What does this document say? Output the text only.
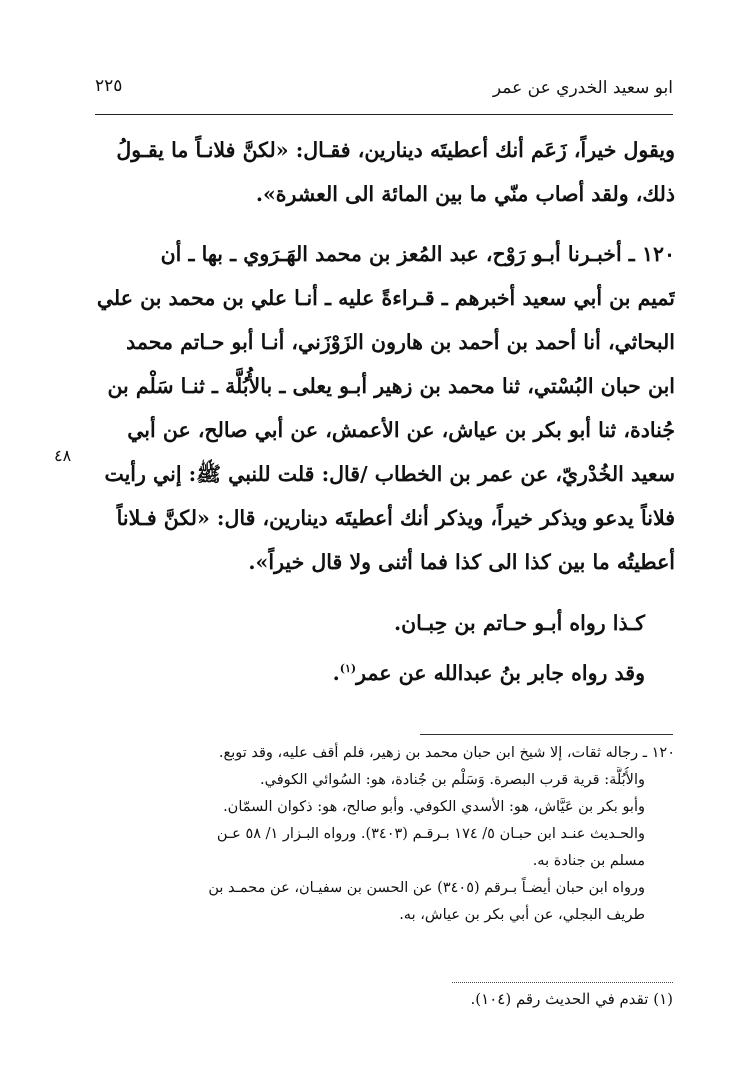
ابو سعيد الخدري عن عمر
٢٢٥
٤٨
ويقول خيراً، زَعَم أنك أعطيتَه دينارين، فقـال: «لكنَّ فلانـاً ما يقـولُ
ذلك، ولقد أصاب منّي ما بين المائة الى العشرة».
١٢٠ ـ أخبـرنا أبـو رَوْح، عبد المُعز بن محمد الهَـرَوي ـ بها ـ أن
تَميم بن أبي سعيد أخبرهم ـ قـراءةً عليه ـ أنـا علي بن محمد بن علي
البحاثي، أنا أحمد بن أحمد بن هارون الزَوْزَني، أنـا أبو حـاتم محمد
ابن حبان البُسْتي، ثنا محمد بن زهير أبـو يعلى ـ بالأُبُلَّة ـ ثنـا سَلْم بن
جُنادة، ثنا أبو بكر بن عياش، عن الأعمش، عن أبي صالح، عن أبي
سعيد الخُدْريّ، عن عمر بن الخطاب /قال: قلت للنبي ﷺ: إني رأيت
فلاناً يدعو ويذكر خيراً، ويذكر أنك أعطيتَه دينارين، قال: «لكنَّ فـلاناً
أعطيتُه ما بين كذا الى كذا فما أثنى ولا قال خيراً».
كـذا رواه أبـو حـاتم بن حِبـان.
وقد رواه جابر بنُ عبدالله عن عمر$^{(١)}$.
١٢٠ ـ رجاله ثقات، إلا شيخ ابن حبان محمد بن زهير، فلم أقف عليه، وقد توبع.
والأُبُلَّة: قرية قرب البصرة. وَسَلْم بن جُنادة، هو: السُوائي الكوفي.
وأبو بكر بن عَيَّاش، هو: الأسدي الكوفي. وأبو صالح، هو: ذكوان السمّان.
والحـديث عنـد ابن حبـان ٥/ ١٧٤ بـرقـم (٣٤٠٣). ورواه البـزار ١/ ٥٨ عـن
مسلم بن جنادة به.
ورواه ابن حبان أيضـاً بـرقم (٣٤٠٥) عن الحسن بن سفيـان، عن محمـد بن
طريف البجلي، عن أبي بكر بن عياش، به.
(١) تقدم في الحديث رقم (١٠٤).
